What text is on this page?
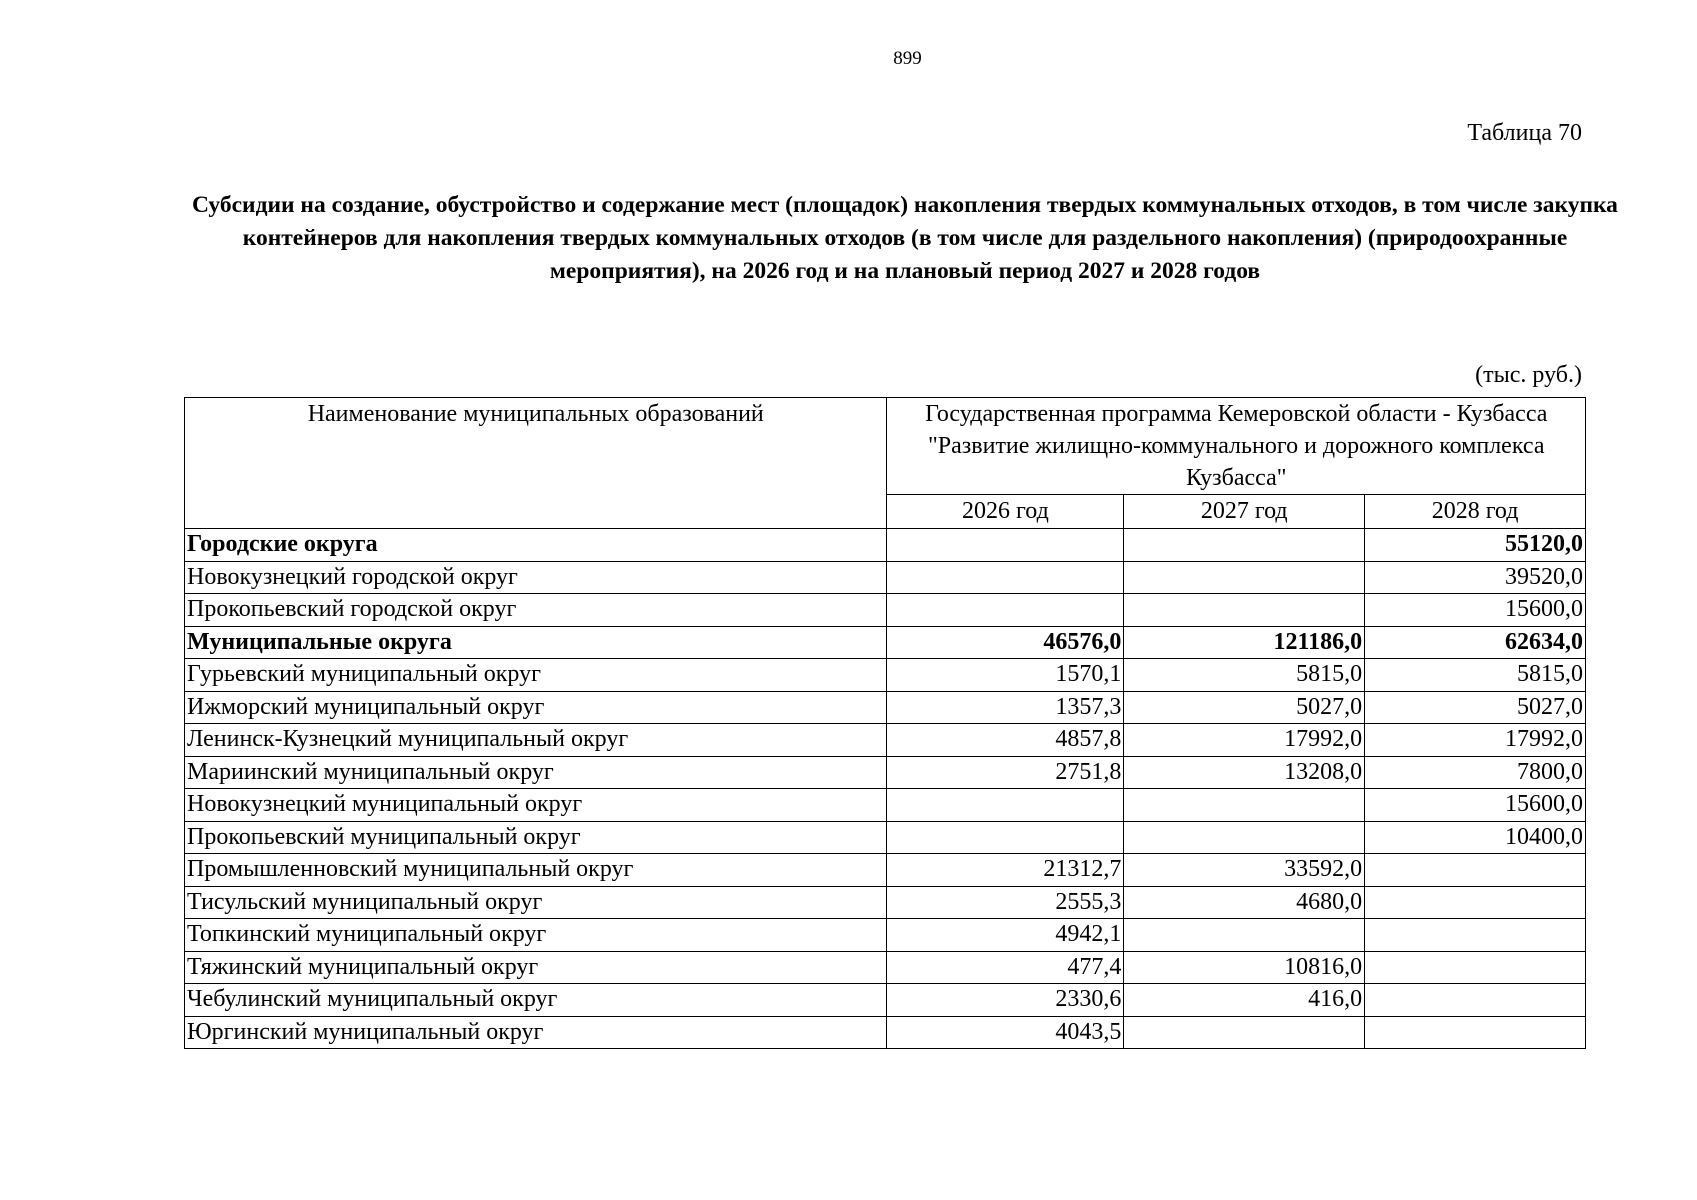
899
Таблица 70
Субсидии на создание, обустройство и содержание мест (площадок) накопления твердых коммунальных отходов, в том числе закупка контейнеров для накопления твердых коммунальных отходов (в том числе для раздельного накопления) (природоохранные мероприятия), на 2026 год и на плановый период 2027 и 2028 годов
(тыс. руб.)
Наименование муниципальных образований	Государственная программа Кемеровской области - Кузбасса "Развитие жилищно-коммунального и дорожного комплекса Кузбасса"		
	2026 год	2027 год	2028 год
Городские округа			55120,0
Новокузнецкий городской округ			39520,0
Прокопьевский городской округ			15600,0
Муниципальные округа	46576,0	121186,0	62634,0
Гурьевский муниципальный округ	1570,1	5815,0	5815,0
Ижморский муниципальный округ	1357,3	5027,0	5027,0
Ленинск-Кузнецкий муниципальный округ	4857,8	17992,0	17992,0
Мариинский муниципальный округ	2751,8	13208,0	7800,0
Новокузнецкий муниципальный округ			15600,0
Прокопьевский муниципальный округ			10400,0
Промышленновский муниципальный округ	21312,7	33592,0	
Тисульский муниципальный округ	2555,3	4680,0	
Топкинский муниципальный округ	4942,1		
Тяжинский муниципальный округ	477,4	10816,0	
Чебулинский муниципальный округ	2330,6	416,0	
Юргинский муниципальный округ	4043,5		
